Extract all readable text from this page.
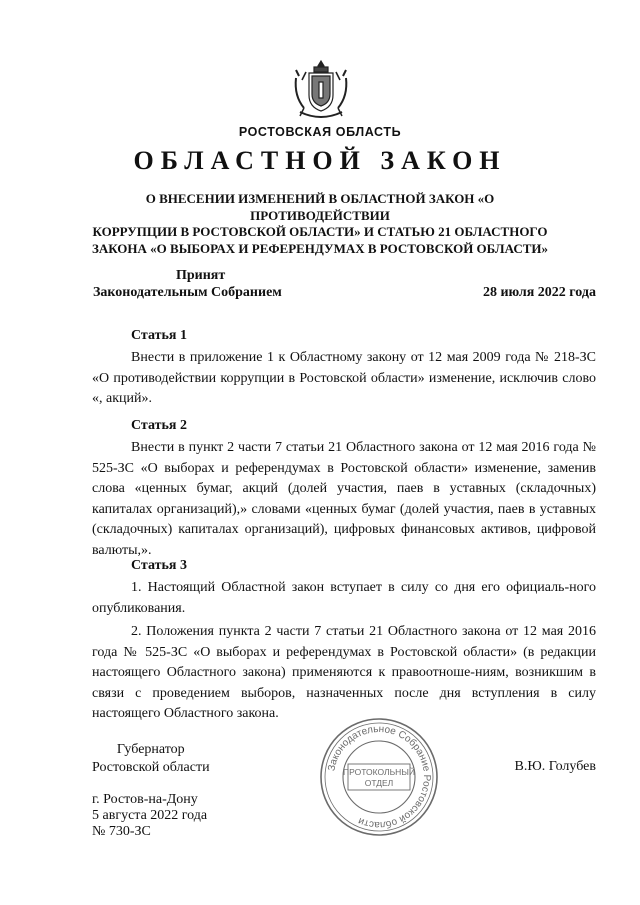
РОСТОВСКАЯ ОБЛАСТЬ
ОБЛАСТНОЙ ЗАКОН
О ВНЕСЕНИИ ИЗМЕНЕНИЙ В ОБЛАСТНОЙ ЗАКОН «О ПРОТИВОДЕЙСТВИИ
КОРРУПЦИИ В РОСТОВСКОЙ ОБЛАСТИ» И СТАТЬЮ 21 ОБЛАСТНОГО
ЗАКОНА «О ВЫБОРАХ И РЕФЕРЕНДУМАХ В РОСТОВСКОЙ ОБЛАСТИ»
Принят
Законодательным Собранием	28 июля 2022 года
Статья 1

Внести в приложение 1 к Областному закону от 12 мая 2009 года № 218-ЗС «О противодействии коррупции в Ростовской области» изменение, исключив слово «, акций».

Статья 2

Внести в пункт 2 части 7 статьи 21 Областного закона от 12 мая 2016 года № 525-ЗС «О выборах и референдумах в Ростовской области» изменение, заменив слова «ценных бумаг, акций (долей участия, паев в уставных (складочных) капиталах организаций),» словами «ценных бумаг (долей участия, паев в уставных (складочных) капиталах организаций), цифровых финансовых активов, цифровой валюты,».

Статья 3

1. Настоящий Областной закон вступает в силу со дня его официаль-ного опубликования.

2. Положения пункта 2 части 7 статьи 21 Областного закона от 12 мая 2016 года № 525-ЗС «О выборах и референдумах в Ростовской области» (в редакции настоящего Областного закона) применяются к правоотноше-ниям, возникшим в связи с проведением выборов, назначенных после дня вступления в силу настоящего Областного закона.

Губернатор
Ростовской области	В.Ю. Голубев
г. Ростов-на-Дону
5 августа 2022 года
№ 730-ЗС
Законодательное Собрание Ростовской области
ПРОТОКОЛЬНЫЙ
ОТДЕЛ
